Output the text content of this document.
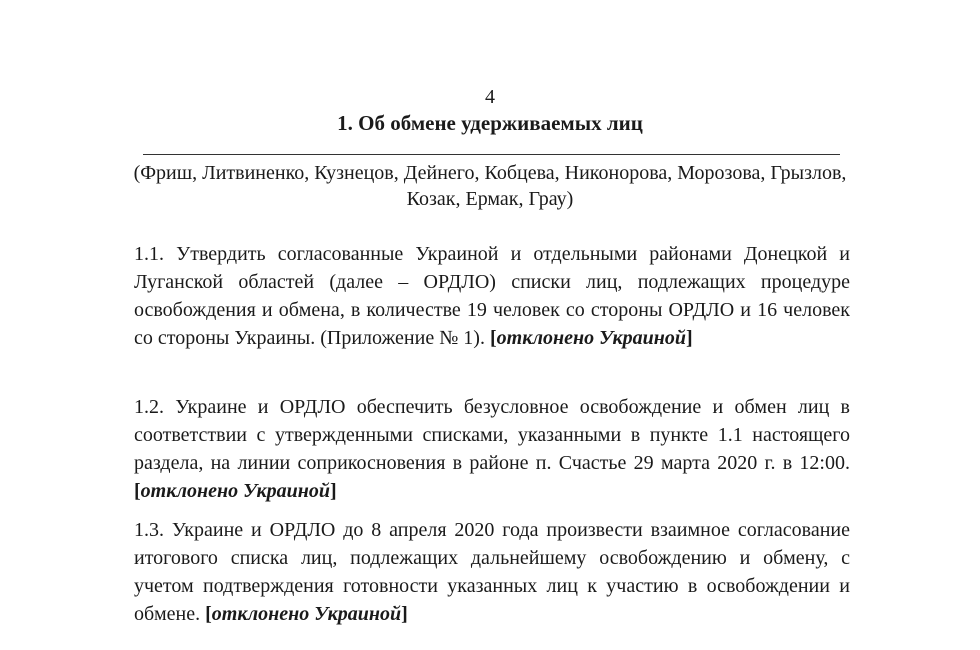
4
1. Об обмене удерживаемых лиц
(Фриш, Литвиненко, Кузнецов, Дейнего, Кобцева, Никонорова, Морозова, Грызлов, Козак, Ермак, Грау)

1.1. Утвердить согласованные Украиной и отдельными районами Донецкой и Луганской областей (далее – ОРДЛО) списки лиц, подлежащих процедуре освобождения и обмена, в количестве 19 человек со стороны ОРДЛО и 16 человек со стороны Украины. (Приложение № 1). [отклонено Украиной]

1.2. Украине и ОРДЛО обеспечить безусловное освобождение и обмен лиц в соответствии с утвержденными списками, указанными в пункте 1.1 настоящего раздела, на линии соприкосновения в районе п. Счастье 29 марта 2020 г. в 12:00. [отклонено Украиной]

1.3. Украине и ОРДЛО до 8 апреля 2020 года произвести взаимное согласование итогового списка лиц, подлежащих дальнейшему освобождению и обмену, с учетом подтверждения готовности указанных лиц к участию в освобождении и обмене. [отклонено Украиной]
